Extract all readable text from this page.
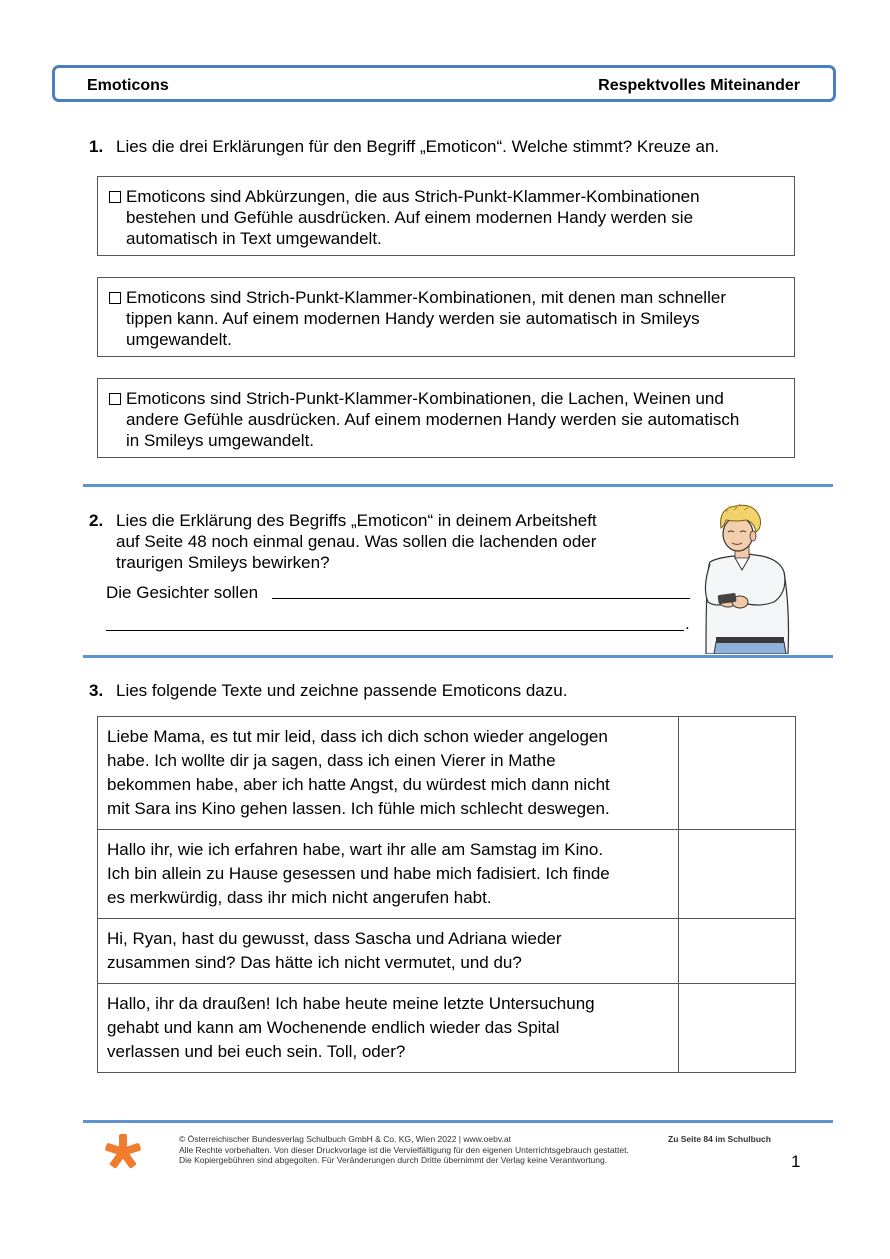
Emoticons	Respektvolles Miteinander
1. Lies die drei Erklärungen für den Begriff „Emoticon“. Welche stimmt? Kreuze an.
Emoticons sind Abkürzungen, die aus Strich-Punkt-Klammer-Kombinationen
bestehen und Gefühle ausdrücken. Auf einem modernen Handy werden sie
automatisch in Text umgewandelt.
Emoticons sind Strich-Punkt-Klammer-Kombinationen, mit denen man schneller
tippen kann. Auf einem modernen Handy werden sie automatisch in Smileys
umgewandelt.
Emoticons sind Strich-Punkt-Klammer-Kombinationen, die Lachen, Weinen und
andere Gefühle ausdrücken. Auf einem modernen Handy werden sie automatisch
in Smileys umgewandelt.
2. Lies die Erklärung des Begriffs „Emoticon“ in deinem Arbeitsheft
auf Seite 48 noch einmal genau. Was sollen die lachenden oder
traurigen Smileys bewirken?
Die Gesichter sollen
.
3. Lies folgende Texte und zeichne passende Emoticons dazu.
Liebe Mama, es tut mir leid, dass ich dich schon wieder angelogen
habe. Ich wollte dir ja sagen, dass ich einen Vierer in Mathe
bekommen habe, aber ich hatte Angst, du würdest mich dann nicht
mit Sara ins Kino gehen lassen. Ich fühle mich schlecht deswegen.	

Hallo ihr, wie ich erfahren habe, wart ihr alle am Samstag im Kino.
Ich bin allein zu Hause gesessen und habe mich fadisiert. Ich finde
es merkwürdig, dass ihr mich nicht angerufen habt.	

Hi, Ryan, hast du gewusst, dass Sascha und Adriana wieder
zusammen sind? Das hätte ich nicht vermutet, und du?	

Hallo, ihr da draußen! Ich habe heute meine letzte Untersuchung
gehabt und kann am Wochenende endlich wieder das Spital
verlassen und bei euch sein. Toll, oder?	

© Österreichischer Bundesverlag Schulbuch GmbH & Co. KG, Wien 2022 | www.oebv.at
Alle Rechte vorbehalten. Von dieser Druckvorlage ist die Vervielfältigung für den eigenen Unterrichtsgebrauch gestattet.
Die Kopiergebühren sind abgegolten. Für Veränderungen durch Dritte übernimmt der Verlag keine Verantwortung.
Zu Seite 84 im Schulbuch
1
